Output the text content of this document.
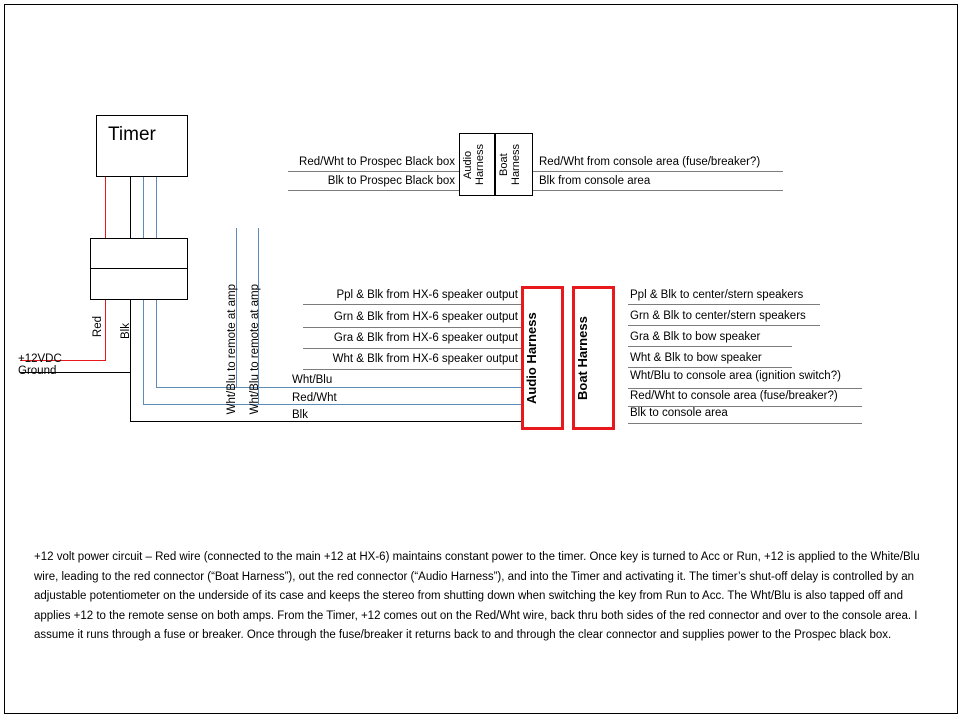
Timer
Audio
Harness	Boat
Harness
Audio Harness	Boat Harness
+12VDC
Ground
Red Blk	Wht/Blu to remote at amp Wht/Blu to remote at amp
Red/Wht to Prospec Black box
Blk to Prospec Black box
Red/Wht from console area (fuse/breaker?)
Blk from console area
Ppl & Blk from HX-6 speaker output
Grn & Blk from HX-6 speaker output
Gra & Blk from HX-6 speaker output
Wht & Blk from HX-6 speaker output
Wht/Blu
Red/Wht
Blk
Ppl & Blk to center/stern speakers
Grn & Blk to center/stern speakers
Gra & Blk to bow speaker
Wht & Blk to bow speaker
Wht/Blu to console area (ignition switch?)
Red/Wht to console area (fuse/breaker?)
Blk to console area
+12 volt power circuit – Red wire (connected to the main +12 at HX-6) maintains constant power to the timer. Once key is turned to Acc or Run, +12 is applied to the White/Blu wire, leading to the red connector (“Boat Harness”), out the red connector (“Audio Harness”), and into the Timer and activating it. The timer’s shut-off delay is controlled by an adjustable potentiometer on the underside of its case and keeps the stereo from shutting down when switching the key from Run to Acc. The Wht/Blu is also tapped off and applies +12 to the remote sense on both amps. From the Timer, +12 comes out on the Red/Wht wire, back thru both sides of the red connector and over to the console area. I assume it runs through a fuse or breaker. Once through the fuse/breaker it returns back to and through the clear connector and supplies power to the Prospec black box.
